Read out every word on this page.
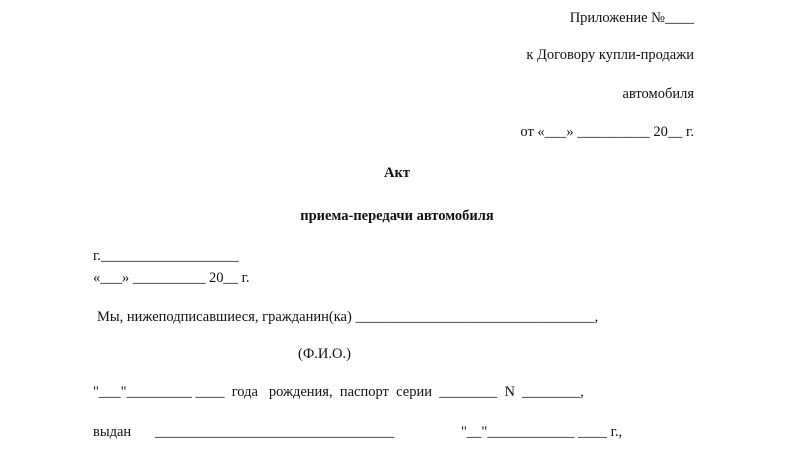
Приложение №____
к Договору купли-продажи
автомобиля
от «___» __________ 20__ г.
Акт
приема-передачи автомобиля
г.___________________
«___» __________ 20__ г.
Мы, нижеподписавшиеся, гражданин(ка) _________________________________,
(Ф.И.О.)
"___"_________ ____  года   рождения,  паспорт  серии  ________  N  ________,
выдан _________________________________	"__"____________ ____ г.,
